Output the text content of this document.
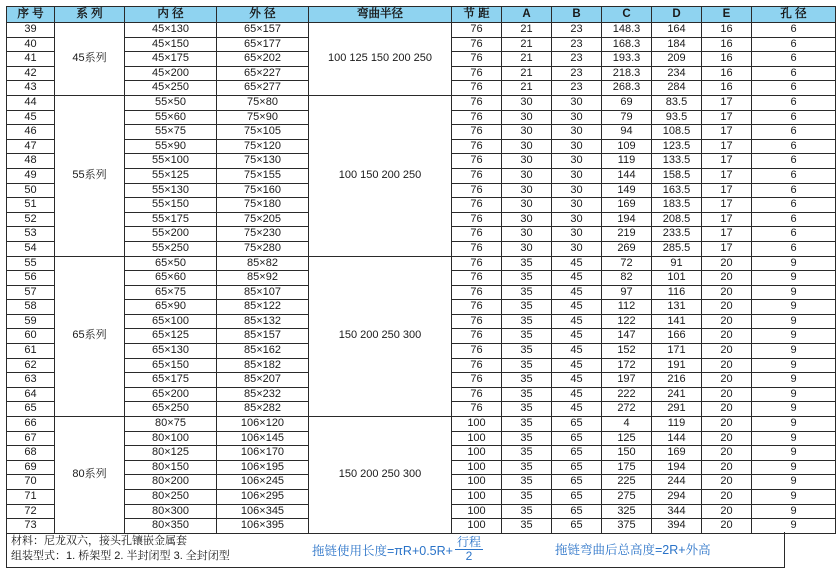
序 号	系 列	内 径	外 径	弯曲半径	节 距	A	B	C	D	E	孔 径
39	45系列	45×130	65×157	100 125 150 200 250	76	21	23	148.3	164	16	6
40		45×150	65×177		76	21	23	168.3	184	16	6
41		45×175	65×202		76	21	23	193.3	209	16	6
42		45×200	65×227		76	21	23	218.3	234	16	6
43		45×250	65×277		76	21	23	268.3	284	16	6
44	55系列	55×50	75×80	100 150 200 250	76	30	30	69	83.5	17	6
45		55×60	75×90		76	30	30	79	93.5	17	6
46		55×75	75×105		76	30	30	94	108.5	17	6
47		55×90	75×120		76	30	30	109	123.5	17	6
48		55×100	75×130		76	30	30	119	133.5	17	6
49		55×125	75×155		76	30	30	144	158.5	17	6
50		55×130	75×160		76	30	30	149	163.5	17	6
51		55×150	75×180		76	30	30	169	183.5	17	6
52		55×175	75×205		76	30	30	194	208.5	17	6
53		55×200	75×230		76	30	30	219	233.5	17	6
54		55×250	75×280		76	30	30	269	285.5	17	6
55	65系列	65×50	85×82	150 200 250 300	76	35	45	72	91	20	9
56		65×60	85×92		76	35	45	82	101	20	9
57		65×75	85×107		76	35	45	97	116	20	9
58		65×90	85×122		76	35	45	112	131	20	9
59		65×100	85×132		76	35	45	122	141	20	9
60		65×125	85×157		76	35	45	147	166	20	9
61		65×130	85×162		76	35	45	152	171	20	9
62		65×150	85×182		76	35	45	172	191	20	9
63		65×175	85×207		76	35	45	197	216	20	9
64		65×200	85×232		76	35	45	222	241	20	9
65		65×250	85×282		76	35	45	272	291	20	9
66	80系列	80×75	106×120	150 200 250 300	100	35	65	4	119	20	9
67		80×100	106×145		100	35	65	125	144	20	9
68		80×125	106×170		100	35	65	150	169	20	9
69		80×150	106×195		100	35	65	175	194	20	9
70		80×200	106×245		100	35	65	225	244	20	9
71		80×250	106×295		100	35	65	275	294	20	9
72		80×300	106×345		100	35	65	325	344	20	9
73		80×350	106×395		100	35	65	375	394	20	9
材料：尼龙双六，接头孔镶嵌金属套
组装型式：1. 桥架型 2. 半封闭型 3. 全封闭型	拖链使用长度$=\pi R+0.5R+ \frac{\text{行程}}{2}$	拖链弯曲后总高度=2R+外高
